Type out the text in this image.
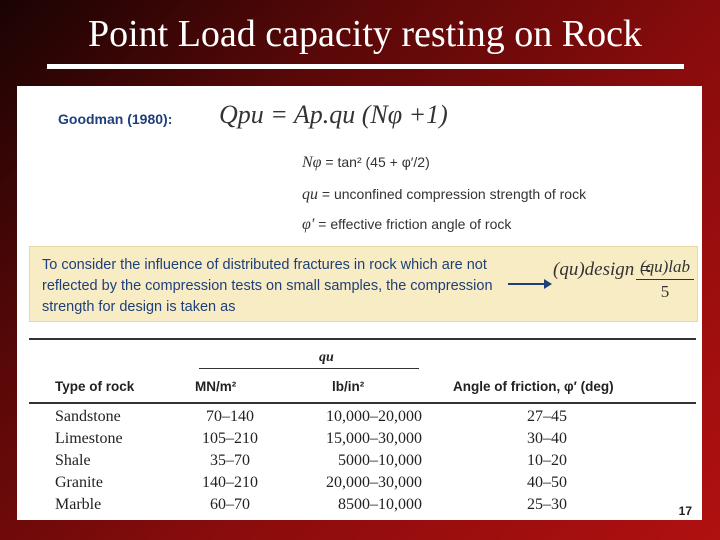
Point Load capacity resting on Rock
Goodman (1980): Qpu = Ap.qu (Nφ +1)
Nφ = tan² (45 + φ′/2)
qu = unconfined compression strength of rock
φ′ = effective friction angle of rock
To consider the influence of distributed fractures in rock which are not reflected by the compression tests on small samples, the compression strength for design is taken as
(qu)design =
(qu)lab
5
qu
Type of rock	MN/m²	lb/in²	Angle of friction, φ′ (deg)
Sandstone	70–140	10,000–20,000	27–45
Limestone	105–210	15,000–30,000	30–40
Shale	35–70	5000–10,000	10–20
Granite	140–210	20,000–30,000	40–50
Marble	60–70	8500–10,000	25–30	17
